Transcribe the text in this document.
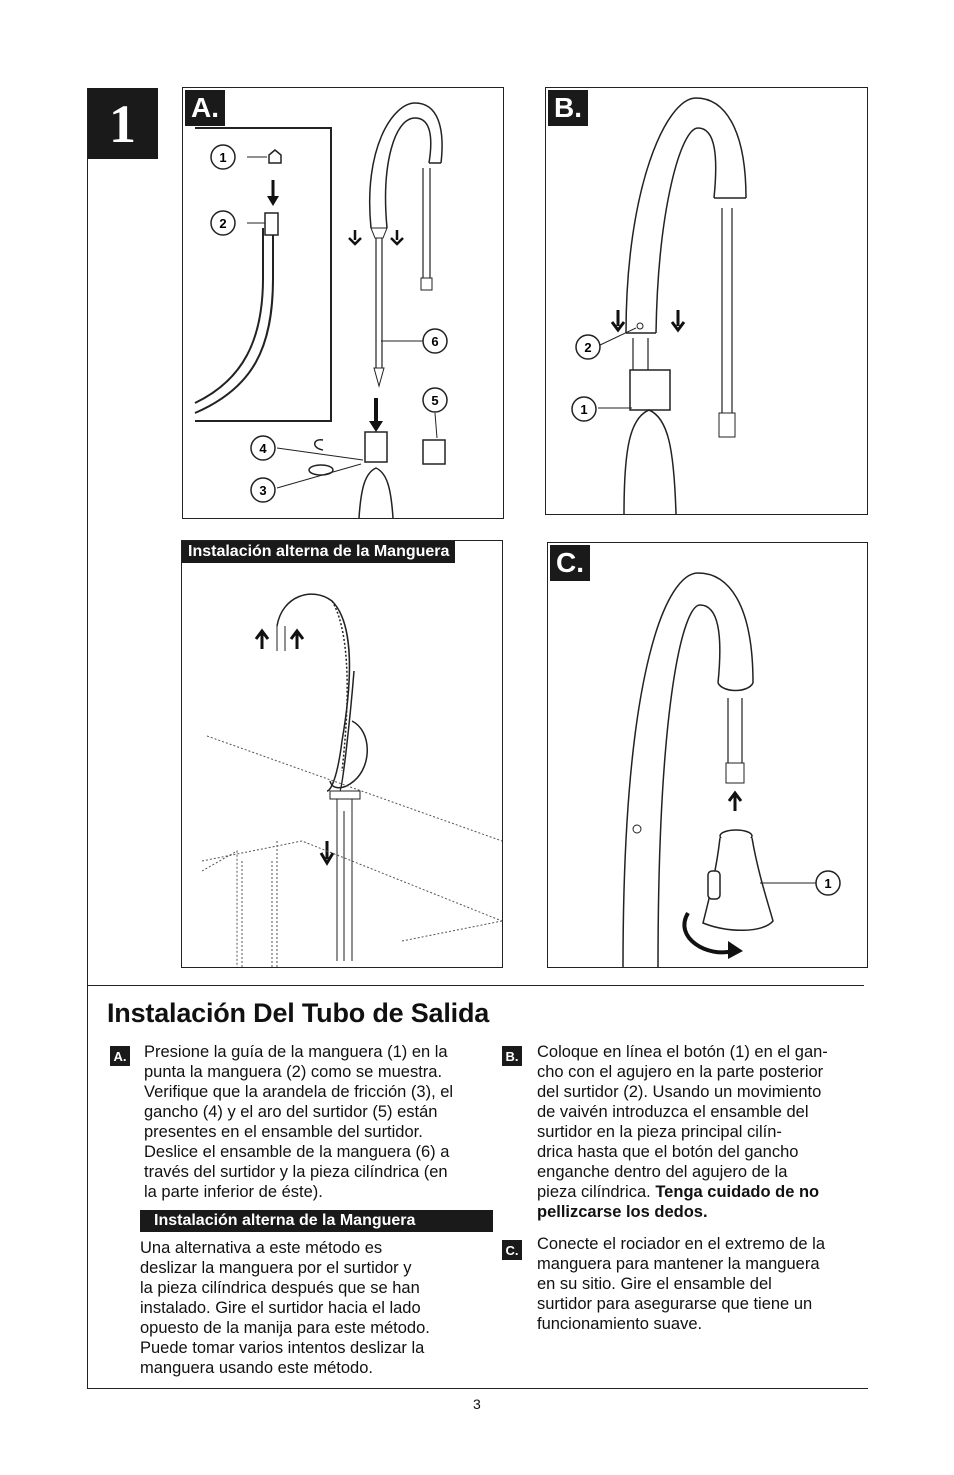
1	A.
1
2
3
4
5
6
B.
2
1
Instalación alterna de la Manguera	C.
1
Instalación Del Tubo de Salida
A. Presione la guía de la manguera (1) en la
punta la manguera (2) como se muestra.
Verifique que la arandela de fricción (3), el
gancho (4) y el aro del surtidor (5) están
presentes en el ensamble del surtidor.
Deslice el ensamble de la manguera (6) a
través del surtidor y la pieza cilíndrica (en
la parte inferior de éste).
Instalación alterna de la Manguera
Una alternativa a este método es
deslizar la manguera por el surtidor y
la pieza cilíndrica después que se han
instalado. Gire el surtidor hacia el lado
opuesto de la manija para este método.
Puede tomar varios intentos deslizar la
manguera usando este método.
B. Coloque en línea el botón (1) en el gan-
cho con el agujero en la parte posterior
del surtidor (2). Usando un movimiento
de vaivén introduzca el ensamble del
surtidor en la pieza principal cilín-
drica hasta que el botón del gancho
enganche dentro del agujero de la
pieza cilíndrica. Tenga cuidado de no
pellizcarse los dedos.
C. Conecte el rociador en el extremo de la
manguera para mantener la manguera
en su sitio. Gire el ensamble del
surtidor para asegurarse que tiene un
funcionamiento suave.
3
